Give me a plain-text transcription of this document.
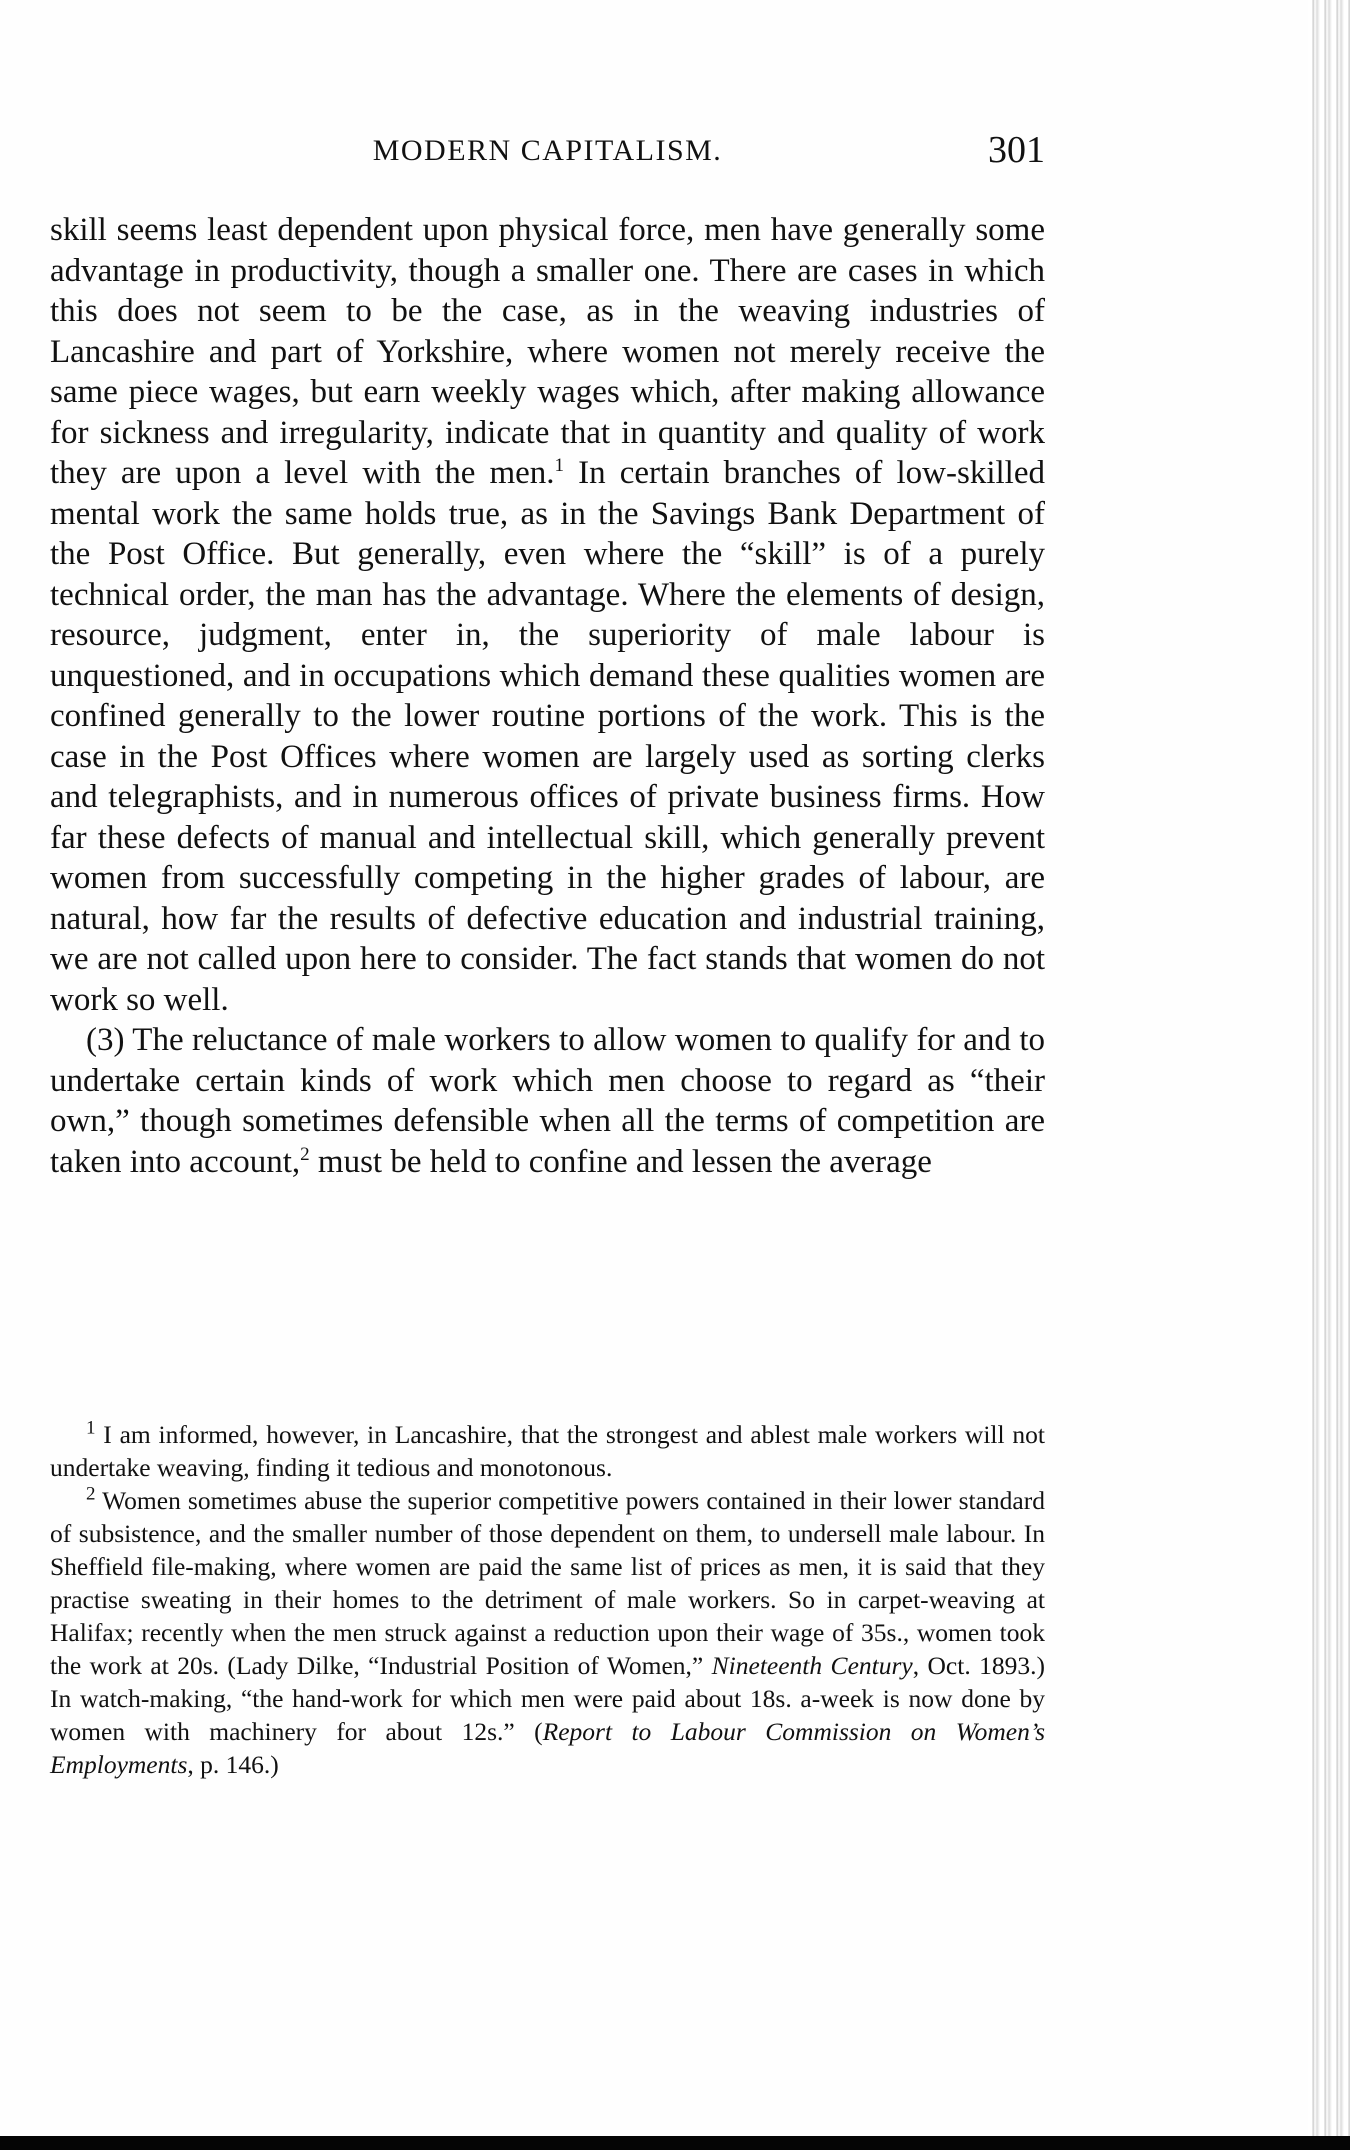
MODERN CAPITALISM.	301

skill seems least dependent upon physical force, men have generally some advantage in productivity, though a smaller one. There are cases in which this does not seem to be the case, as in the weaving industries of Lancashire and part of Yorkshire, where women not merely receive the same piece wages, but earn weekly wages which, after making allowance for sickness and irregularity, indicate that in quantity and quality of work they are upon a level with the men.$^1$ In certain branches of low-skilled mental work the same holds true, as in the Savings Bank Department of the Post Office. But generally, even where the “skill” is of a purely technical order, the man has the advantage. Where the elements of design, resource, judgment, enter in, the superiority of male labour is unquestioned, and in occupations which demand these qualities women are confined generally to the lower routine portions of the work. This is the case in the Post Offices where women are largely used as sorting clerks and telegraphists, and in numerous offices of private business firms. How far these defects of manual and intellectual skill, which generally prevent women from successfully competing in the higher grades of labour, are natural, how far the results of defective education and industrial training, we are not called upon here to consider. The fact stands that women do not work so well.

(3) The reluctance of male workers to allow women to qualify for and to undertake certain kinds of work which men choose to regard as “their own,” though sometimes defensible when all the terms of competition are taken into account,$^2$ must be held to confine and lessen the average

$^1$ I am informed, however, in Lancashire, that the strongest and ablest male workers will not undertake weaving, finding it tedious and monotonous.

$^2$ Women sometimes abuse the superior competitive powers contained in their lower standard of subsistence, and the smaller number of those dependent on them, to undersell male labour. In Sheffield file-making, where women are paid the same list of prices as men, it is said that they practise sweating in their homes to the detriment of male workers. So in carpet-weaving at Halifax; recently when the men struck against a reduction upon their wage of 35s., women took the work at 20s. (Lady Dilke, “Industrial Position of Women,” Nineteenth Century, Oct. 1893.) In watch-making, “the hand-work for which men were paid about 18s. a-week is now done by women with machinery for about 12s.” (Report to Labour Commission on Women’s Employments, p. 146.)
